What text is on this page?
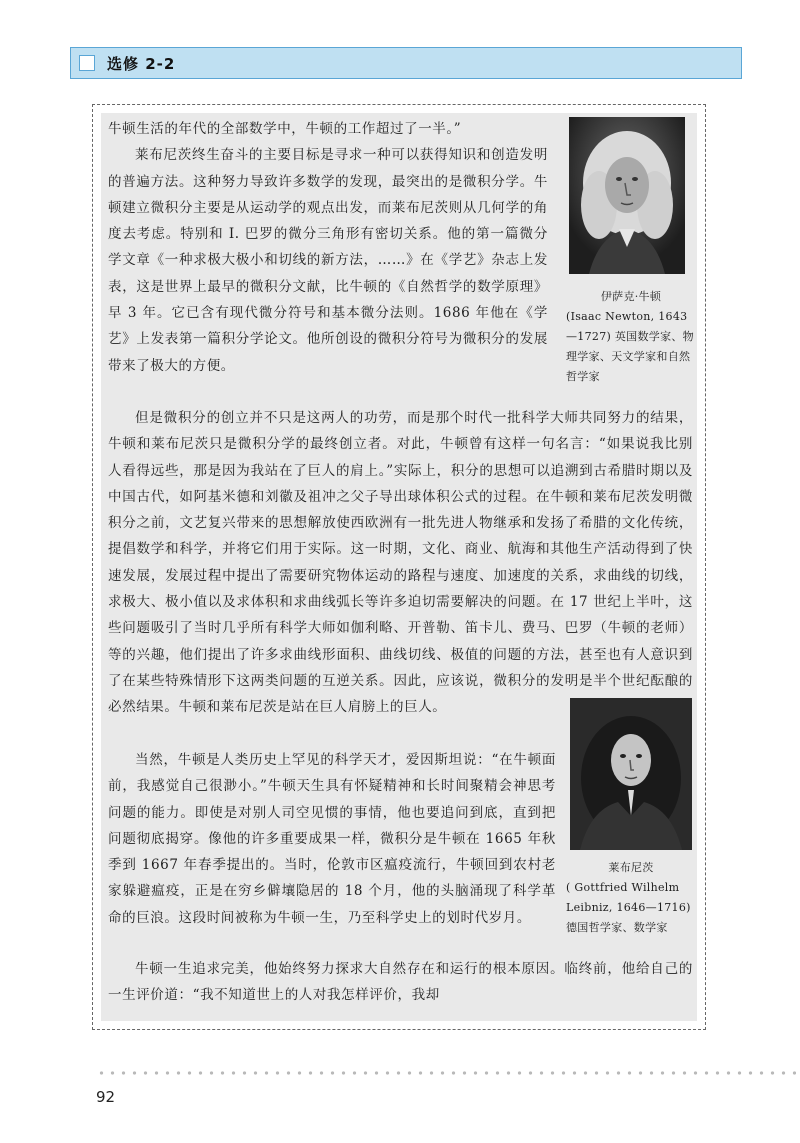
选修 2-2

牛顿生活的年代的全部数学中，牛顿的工作超过了一半。”

莱布尼茨终生奋斗的主要目标是寻求一种可以获得知识和创造发明的普遍方法。这种努力导致许多数学的发现，最突出的是微积分学。牛顿建立微积分主要是从运动学的观点出发，而莱布尼茨则从几何学的角度去考虑。特别和 I. 巴罗的微分三角形有密切关系。他的第一篇微分学文章《一种求极大极小和切线的新方法，……》在《学艺》杂志上发表，这是世界上最早的微积分文献，比牛顿的《自然哲学的数学原理》早 3 年。它已含有现代微分符号和基本微分法则。1686 年他在《学艺》上发表第一篇积分学论文。他所创设的微积分符号为微积分的发展带来了极大的方便。

伊萨克·牛顿
(Isaac Newton, 1643—1727) 英国数学家、物理学家、天文学家和自然哲学家

但是微积分的创立并不只是这两人的功劳，而是那个时代一批科学大师共同努力的结果，牛顿和莱布尼茨只是微积分学的最终创立者。对此，牛顿曾有这样一句名言：“如果说我比别人看得远些，那是因为我站在了巨人的肩上。”实际上，积分的思想可以追溯到古希腊时期以及中国古代，如阿基米德和刘徽及祖冲之父子导出球体积公式的过程。在牛顿和莱布尼茨发明微积分之前，文艺复兴带来的思想解放使西欧洲有一批先进人物继承和发扬了希腊的文化传统，提倡数学和科学，并将它们用于实际。这一时期，文化、商业、航海和其他生产活动得到了快速发展，发展过程中提出了需要研究物体运动的路程与速度、加速度的关系，求曲线的切线，求极大、极小值以及求体积和求曲线弧长等许多迫切需要解决的问题。在 17 世纪上半叶，这些问题吸引了当时几乎所有科学大师如伽利略、开普勒、笛卡儿、费马、巴罗（牛顿的老师）等的兴趣，他们提出了许多求曲线形面积、曲线切线、极值的问题的方法，甚至也有人意识到了在某些特殊情形下这两类问题的互逆关系。因此，应该说，微积分的发明是半个世纪酝酿的必然结果。牛顿和莱布尼茨是站在巨人肩膀上的巨人。

当然，牛顿是人类历史上罕见的科学天才，爱因斯坦说：“在牛顿面前，我感觉自己很渺小。”牛顿天生具有怀疑精神和长时间聚精会神思考问题的能力。即使是对别人司空见惯的事情，他也要追问到底，直到把问题彻底揭穿。像他的许多重要成果一样，微积分是牛顿在 1665 年秋季到 1667 年春季提出的。当时，伦敦市区瘟疫流行，牛顿回到农村老家躲避瘟疫，正是在穷乡僻壤隐居的 18 个月，他的头脑涌现了科学革命的巨浪。这段时间被称为牛顿一生，乃至科学史上的划时代岁月。

莱布尼茨
( Gottfried Wilhelm Leibniz, 1646—1716) 德国哲学家、数学家

牛顿一生追求完美，他始终努力探求大自然存在和运行的根本原因。临终前，他给自己的一生评价道：“我不知道世上的人对我怎样评价，我却

92
